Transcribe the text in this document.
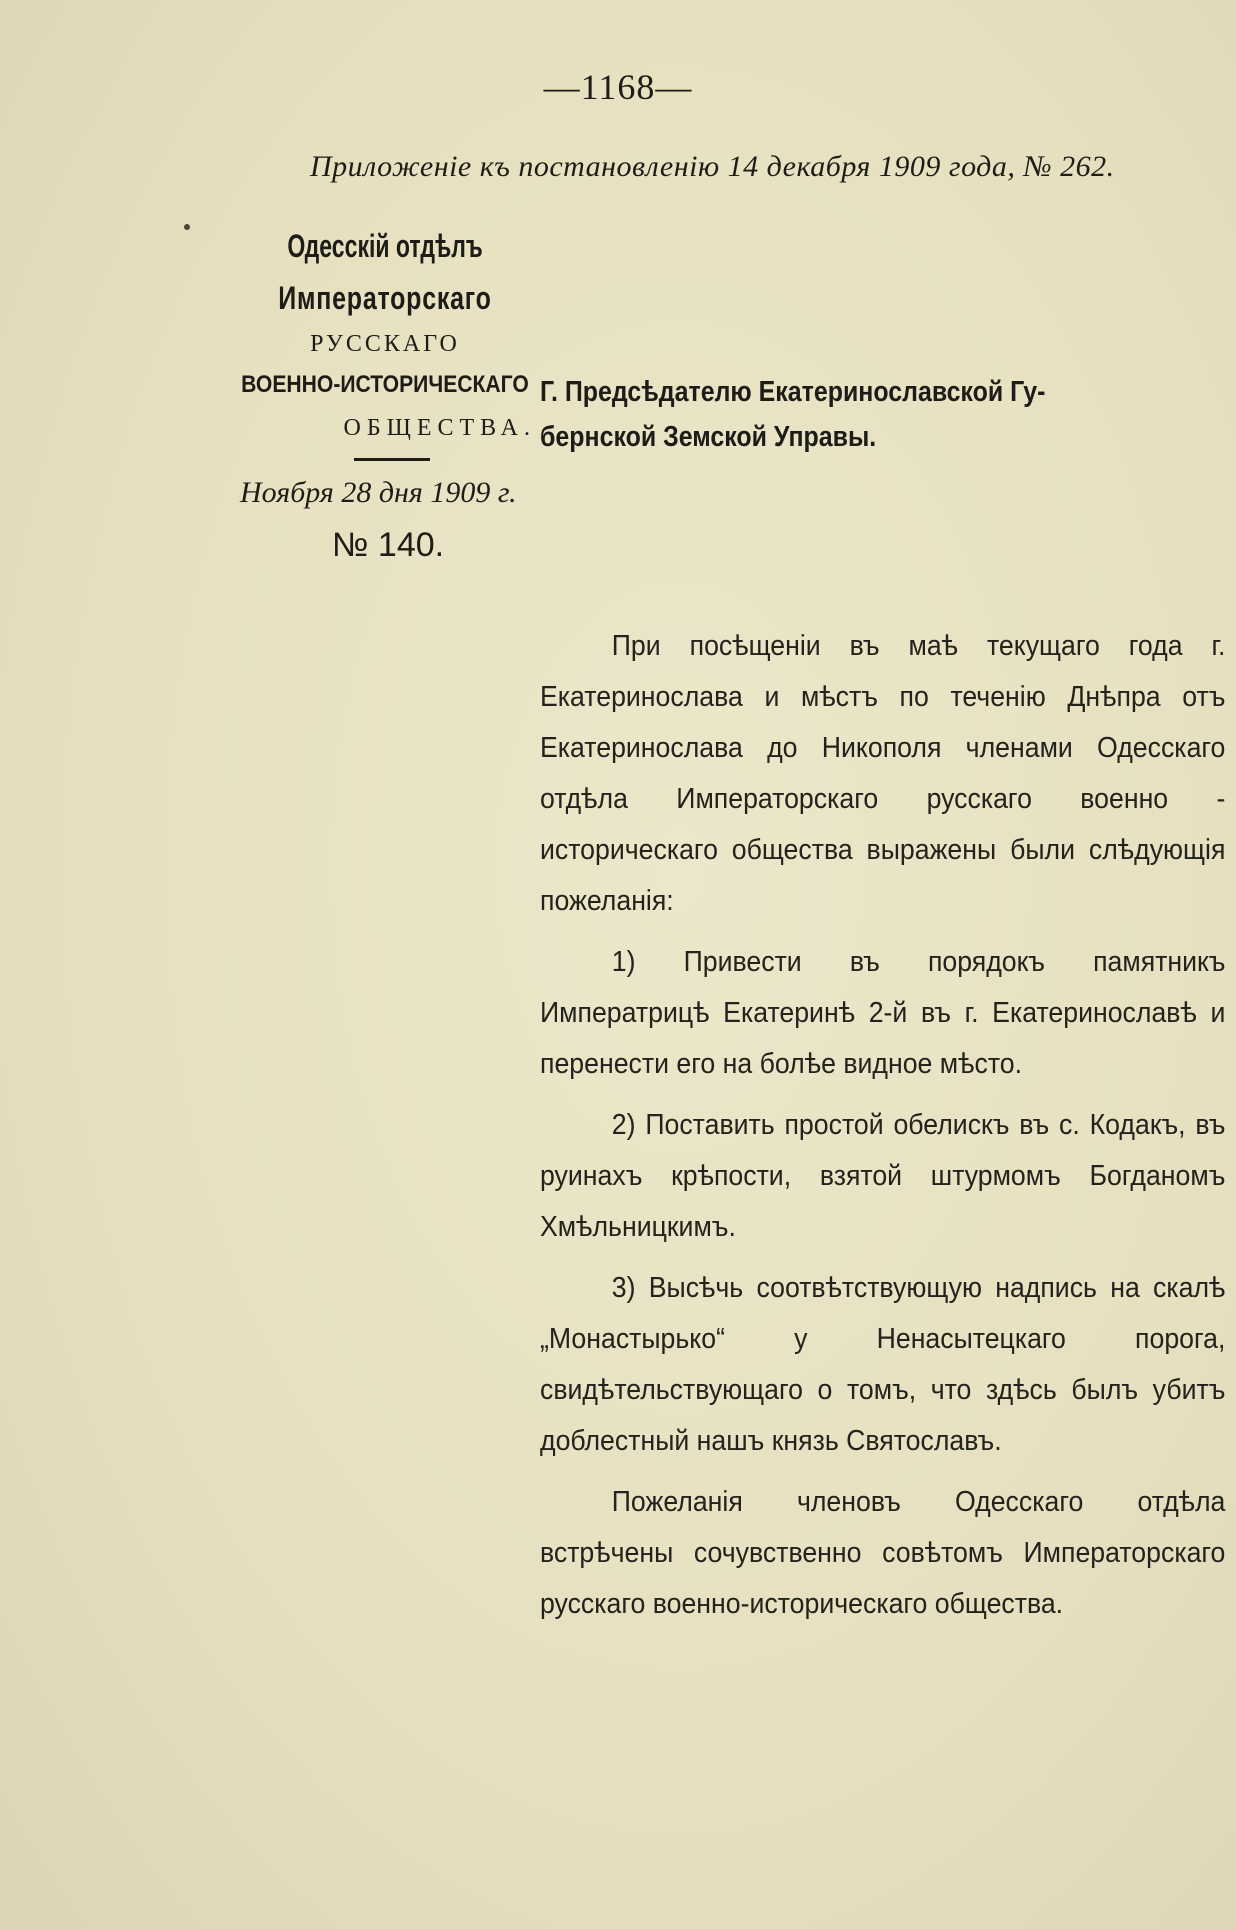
—1168—
Приложеніе къ постановленію 14 декабря 1909 года, № 262.
Одесскій отдѣлъ
Императорскаго
РУССКАГО
ВОЕННО-ИСТОРИЧЕСКАГО
ОБЩЕСТВА.
Ноября 28 дня 1909 г.
№ 140.
Г. Предсѣдателю Екатеринославской Гу-
бернской Земской Управы.

При посѣщеніи въ маѣ текущаго года г. Екатеринослава и мѣстъ по теченію Днѣпра отъ Екатеринослава до Никополя членами Одесскаго отдѣла Императорскаго русскаго военно - историческаго общества выражены были слѣдующія пожеланія:

1) Привести въ порядокъ памятникъ Императрицѣ Екатеринѣ 2-й въ г. Екатеринославѣ и перенести его на болѣе видное мѣсто.

2) Поставить простой обелискъ въ с. Кодакъ, въ руинахъ крѣпости, взятой штурмомъ Богданомъ Хмѣльницкимъ.

3) Высѣчь соотвѣтствующую надпись на скалѣ „Монастырько“ у Ненасытецкаго порога, свидѣтельствующаго о томъ, что здѣсь былъ убитъ доблестный нашъ князь Святославъ.

Пожеланія членовъ Одесскаго отдѣла встрѣчены сочувственно совѣтомъ Императорскаго русскаго военно-историческаго общества.
